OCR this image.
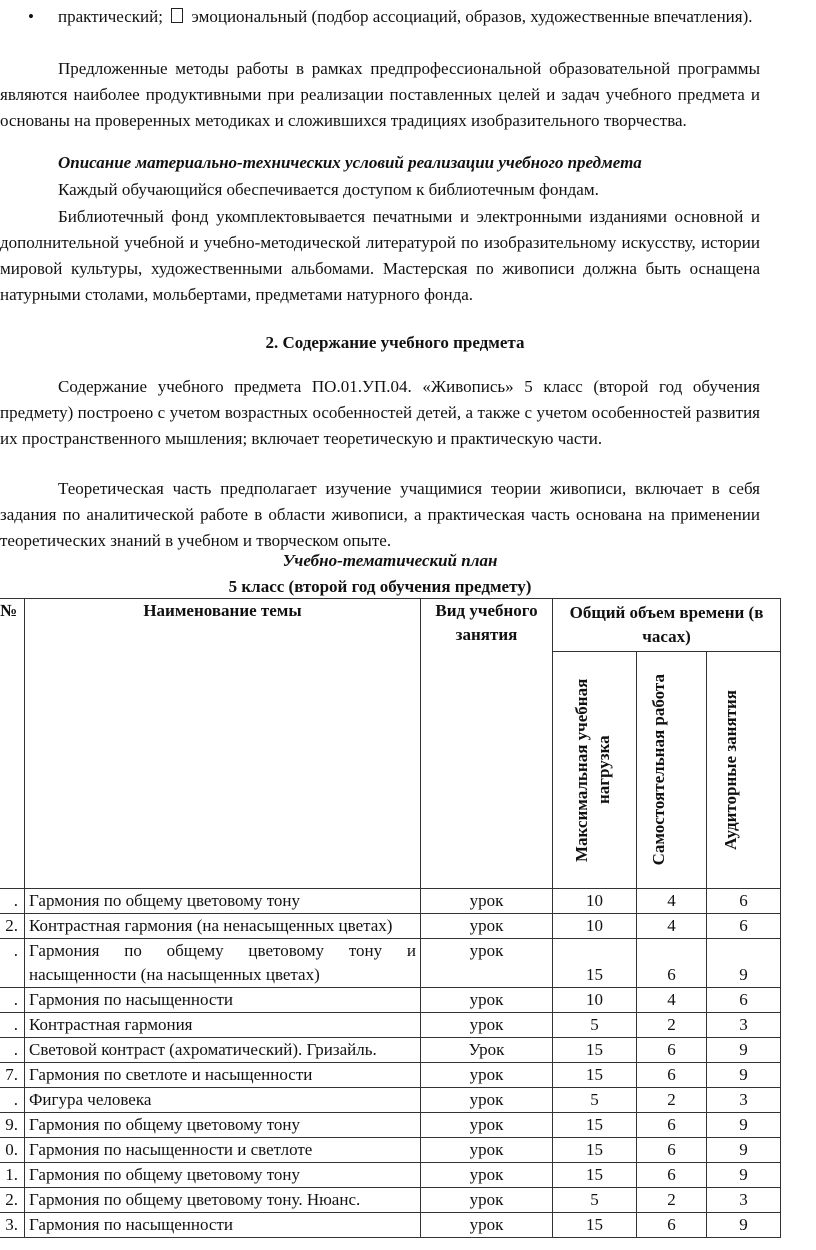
• практический; эмоциональный (подбор ассоциаций, образов, художественные впечатления).
Предложенные методы работы в рамках предпрофессиональной образовательной программы являются наиболее продуктивными при реализации поставленных целей и задач учебного предмета и основаны на проверенных методиках и сложившихся традициях изобразительного творчества.
Описание материально-технических условий реализации учебного предмета
Каждый обучающийся обеспечивается доступом к библиотечным фондам.
Библиотечный фонд укомплектовывается печатными и электронными изданиями основной и дополнительной учебной и учебно-методической литературой по изобразительному искусству, истории мировой культуры, художественными альбомами. Мастерская по живописи должна быть оснащена натурными столами, мольбертами, предметами натурного фонда.
2. Содержание учебного предмета
Содержание учебного предмета ПО.01.УП.04. «Живопись» 5 класс (второй год обучения предмету) построено с учетом возрастных особенностей детей, а также с учетом особенностей развития их пространственного мышления; включает теоретическую и практическую части.
Теоретическая часть предполагает изучение учащимися теории живописи, включает в себя задания по аналитической работе в области живописи, а практическая часть основана на применении теоретических знаний в учебном и творческом опыте.
Учебно-тематический план
5 класс (второй год обучения предмету)
№	Наименование темы	Вид учебного занятия	Общий объем времени (в часах)		

			Максимальная учебная нагрузка	Самостоятельная работа	Аудиторные занятия

.	Гармония по общему цветовому тону	урок	10	4	6
2.	Контрастная гармония (на ненасыщенных цветах)	урок	10	4	6
.	Гармония по общему цветовому тону и насыщенности (на насыщенных цветах)	урок	15	6	9
.	Гармония по насыщенности	урок	10	4	6
.	Контрастная гармония	урок	5	2	3
.	Световой контраст (ахроматический). Гризайль.	Урок	15	6	9
7.	Гармония по светлоте и насыщенности	урок	15	6	9
.	Фигура человека	урок	5	2	3
9.	Гармония по общему цветовому тону	урок	15	6	9
0.	Гармония по насыщенности и светлоте	урок	15	6	9
1.	Гармония по общему цветовому тону	урок	15	6	9
2.	Гармония по общему цветовому тону. Нюанс.	урок	5	2	3
3.	Гармония по насыщенности	урок	15	6	9
